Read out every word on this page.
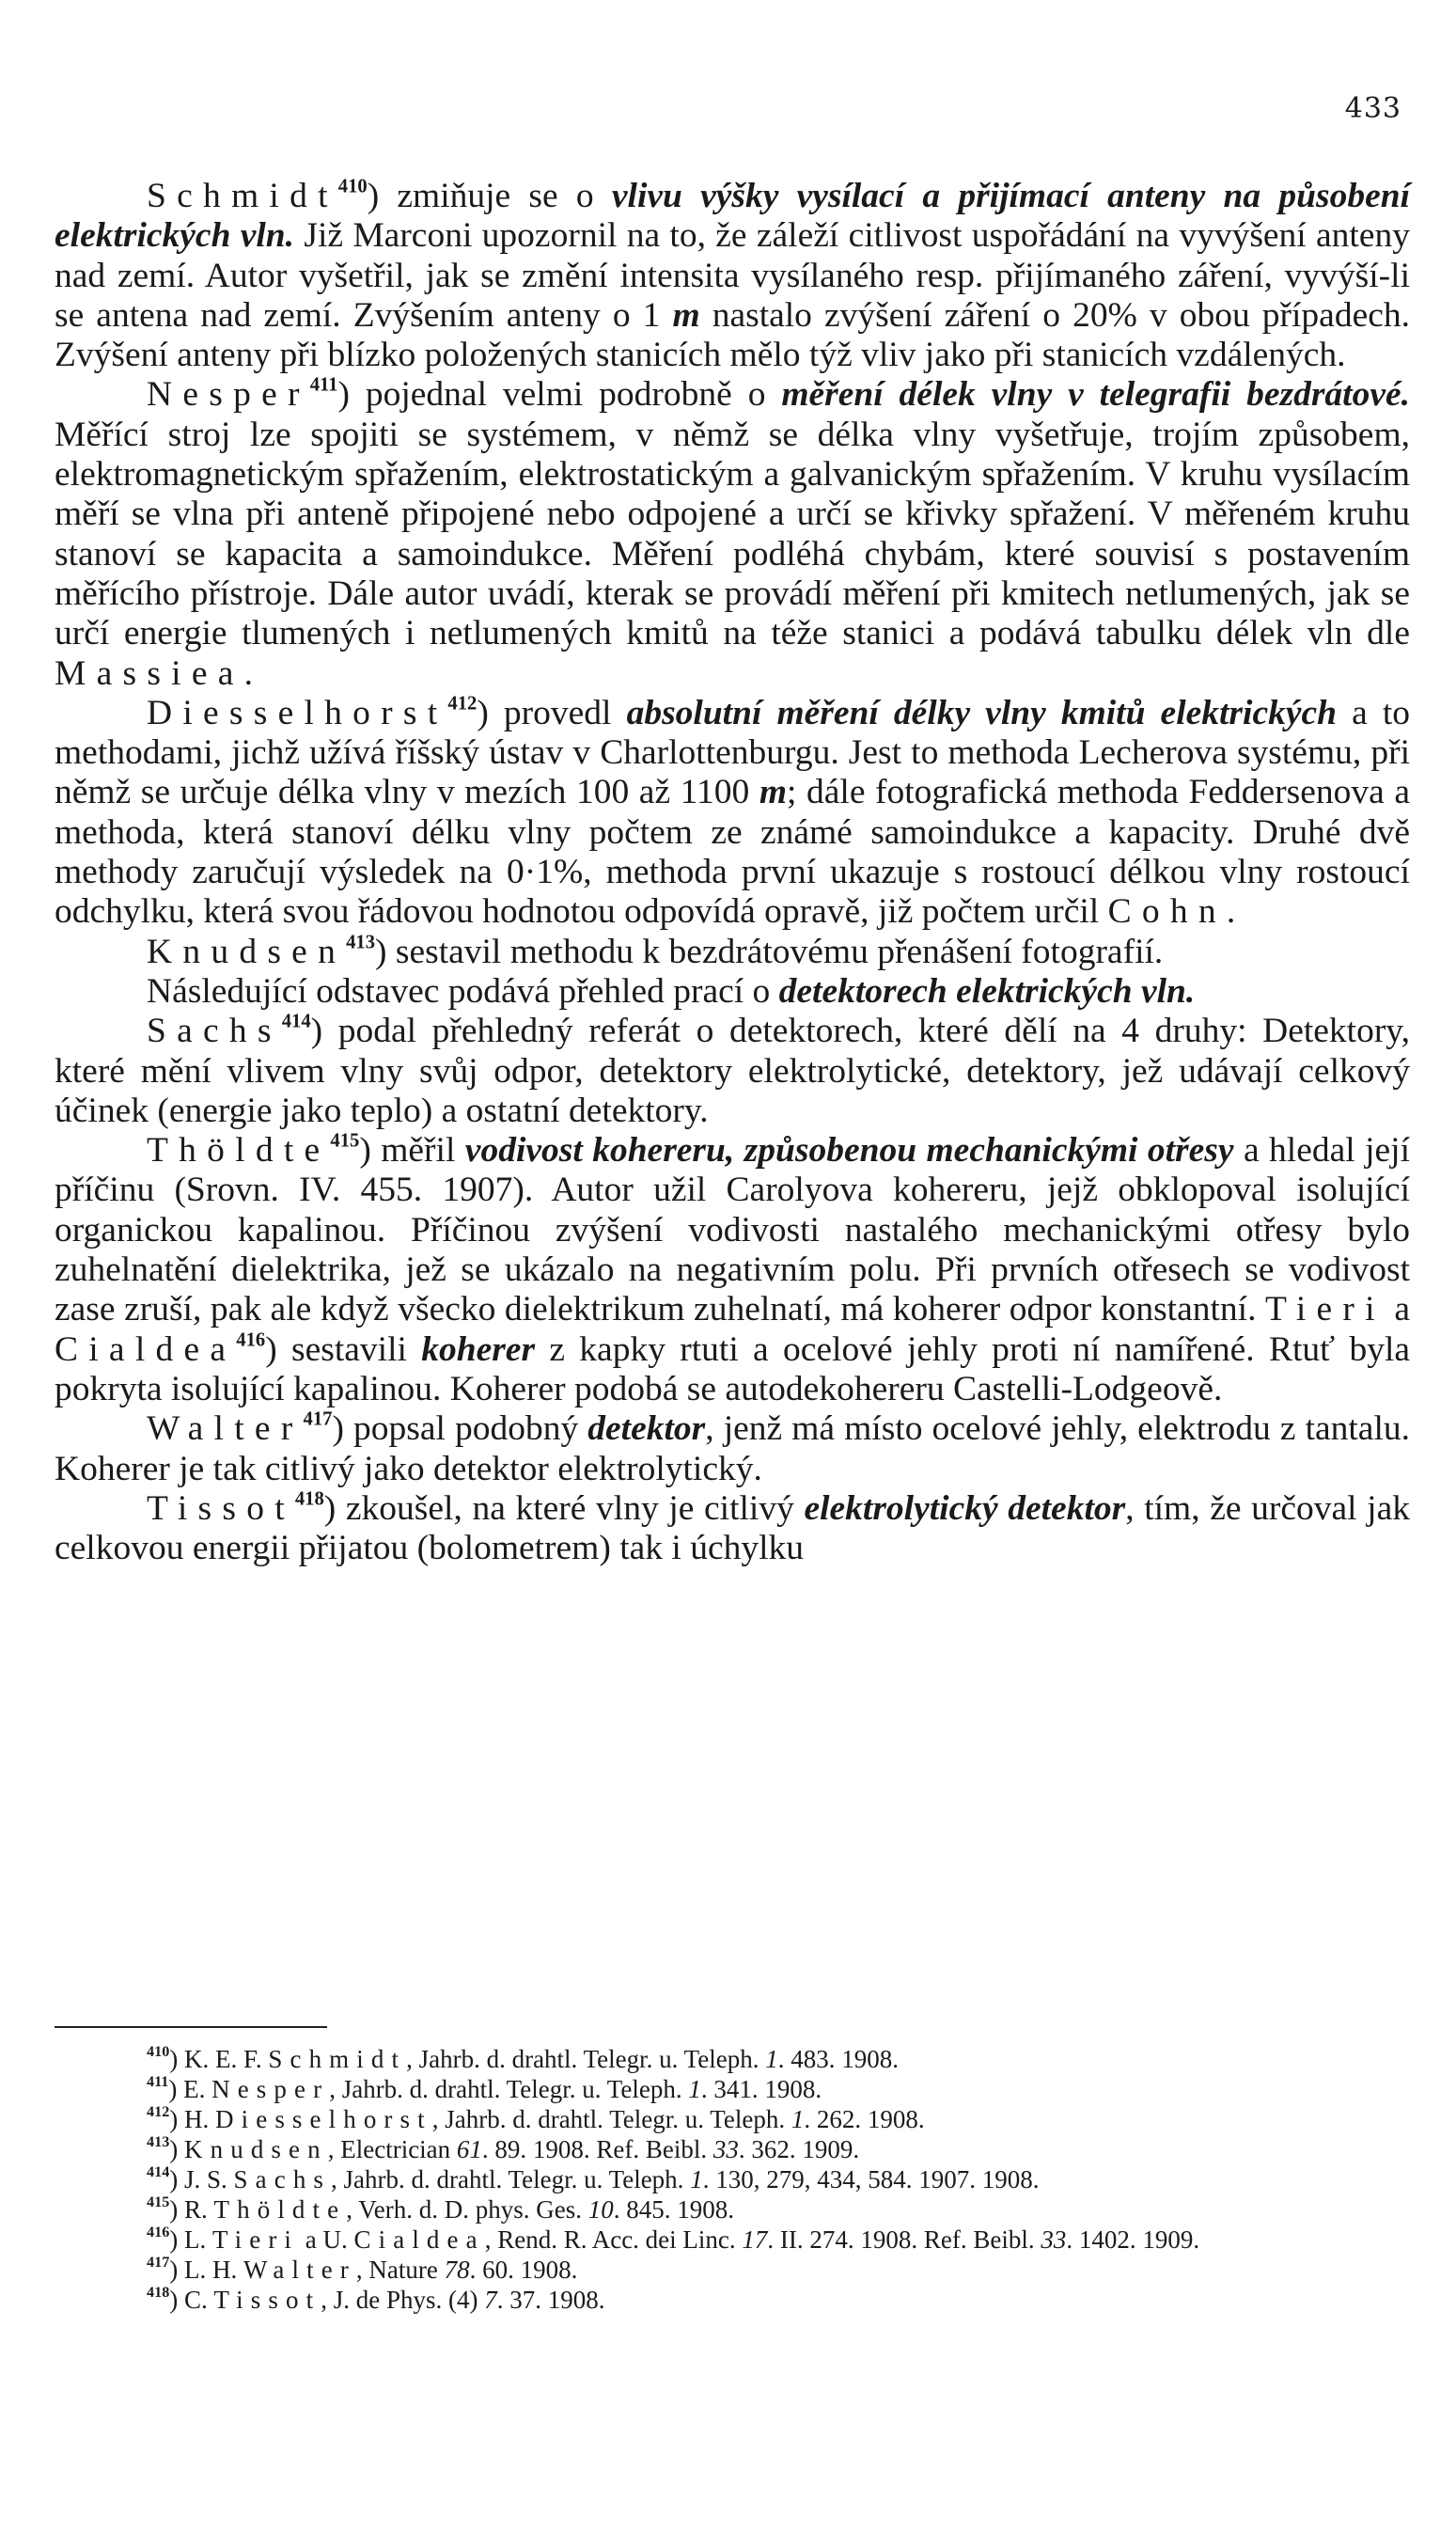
433

Schmidt$^{410}$) zmiňuje se o vlivu výšky vysílací a přijímací anteny na působení elektrických vln. Již Marconi upozornil na to, že záleží citlivost uspořádání na vyvýšení anteny nad zemí. Autor vyšetřil, jak se změní intensita vysílaného resp. přijímaného záření, vyvýší-li se antena nad zemí. Zvýšením anteny o 1 m nastalo zvýšení záření o 20% v obou případech. Zvýšení anteny při blízko položených stanicích mělo týž vliv jako při stanicích vzdálených.

Nesper$^{411}$) pojednal velmi podrobně o měření délek vlny v telegrafii bezdrátové. Měřící stroj lze spojiti se systémem, v němž se délka vlny vyšetřuje, trojím způsobem, elektromagnetickým spřažením, elektrostatickým a galvanickým spřažením. V kruhu vysílacím měří se vlna při anteně připojené nebo odpojené a určí se křivky spřažení. V měřeném kruhu stanoví se kapacita a samoindukce. Měření podléhá chybám, které souvisí s postavením měřícího přístroje. Dále autor uvádí, kterak se provádí měření při kmitech netlumených, jak se určí energie tlumených i netlumených kmitů na téže stanici a podává tabulku délek vln dle Massiea.

Diesselhorst$^{412}$) provedl absolutní měření délky vlny kmitů elektrických a to methodami, jichž užívá říšský ústav v Charlottenburgu. Jest to methoda Lecherova systému, při němž se určuje délka vlny v mezích 100 až 1100 m; dále fotografická methoda Feddersenova a methoda, která stanoví délku vlny počtem ze známé samoindukce a kapacity. Druhé dvě methody zaručují výsledek na 0·1%, methoda první ukazuje s rostoucí délkou vlny rostoucí odchylku, která svou řádovou hodnotou odpovídá opravě, již počtem určil Cohn.

Knudsen$^{413}$) sestavil methodu k bezdrátovému přenášení fotografií.

Následující odstavec podává přehled prací o detektorech elektrických vln.

Sachs$^{414}$) podal přehledný referát o detektorech, které dělí na 4 druhy: Detektory, které mění vlivem vlny svůj odpor, detektory elektrolytické, detektory, jež udávají celkový účinek (energie jako teplo) a ostatní detektory.

Thöldte$^{415}$) měřil vodivost kohereru, způsobenou mechanickými otřesy a hledal její příčinu (Srovn. IV. 455. 1907). Autor užil Carolyova kohereru, jejž obklopoval isolující organickou kapalinou. Příčinou zvýšení vodivosti nastalého mechanickými otřesy bylo zuhelnatění dielektrika, jež se ukázalo na negativním polu. Při prvních otřesech se vodivost zase zruší, pak ale když všecko dielektrikum zuhelnatí, má koherer odpor konstantní. Tieri a Cialdea$^{416}$) sestavili koherer z kapky rtuti a ocelové jehly proti ní namířené. Rtuť byla pokryta isolující kapalinou. Koherer podobá se autodekohereru Castelli-Lodgeově.

Walter$^{417}$) popsal podobný detektor, jenž má místo ocelové jehly, elektrodu z tantalu. Koherer je tak citlivý jako detektor elektrolytický.

Tissot$^{418}$) zkoušel, na které vlny je citlivý elektrolytický detektor, tím, že určoval jak celkovou energii přijatou (bolometrem) tak i úchylku

$^{410}$) K. E. F. Schmidt, Jahrb. d. drahtl. Telegr. u. Teleph. 1. 483. 1908.

$^{411}$) E. Nesper, Jahrb. d. drahtl. Telegr. u. Teleph. 1. 341. 1908.

$^{412}$) H. Diesselhorst, Jahrb. d. drahtl. Telegr. u. Teleph. 1. 262. 1908.

$^{413}$) Knudsen, Electrician 61. 89. 1908. Ref. Beibl. 33. 362. 1909.

$^{414}$) J. S. Sachs, Jahrb. d. drahtl. Telegr. u. Teleph. 1. 130, 279, 434, 584. 1907. 1908.

$^{415}$) R. Thöldte, Verh. d. D. phys. Ges. 10. 845. 1908.

$^{416}$) L. Tieri a U. Cialdea, Rend. R. Acc. dei Linc. 17. II. 274. 1908. Ref. Beibl. 33. 1402. 1909.

$^{417}$) L. H. Walter, Nature 78. 60. 1908.

$^{418}$) C. Tissot, J. de Phys. (4) 7. 37. 1908.
